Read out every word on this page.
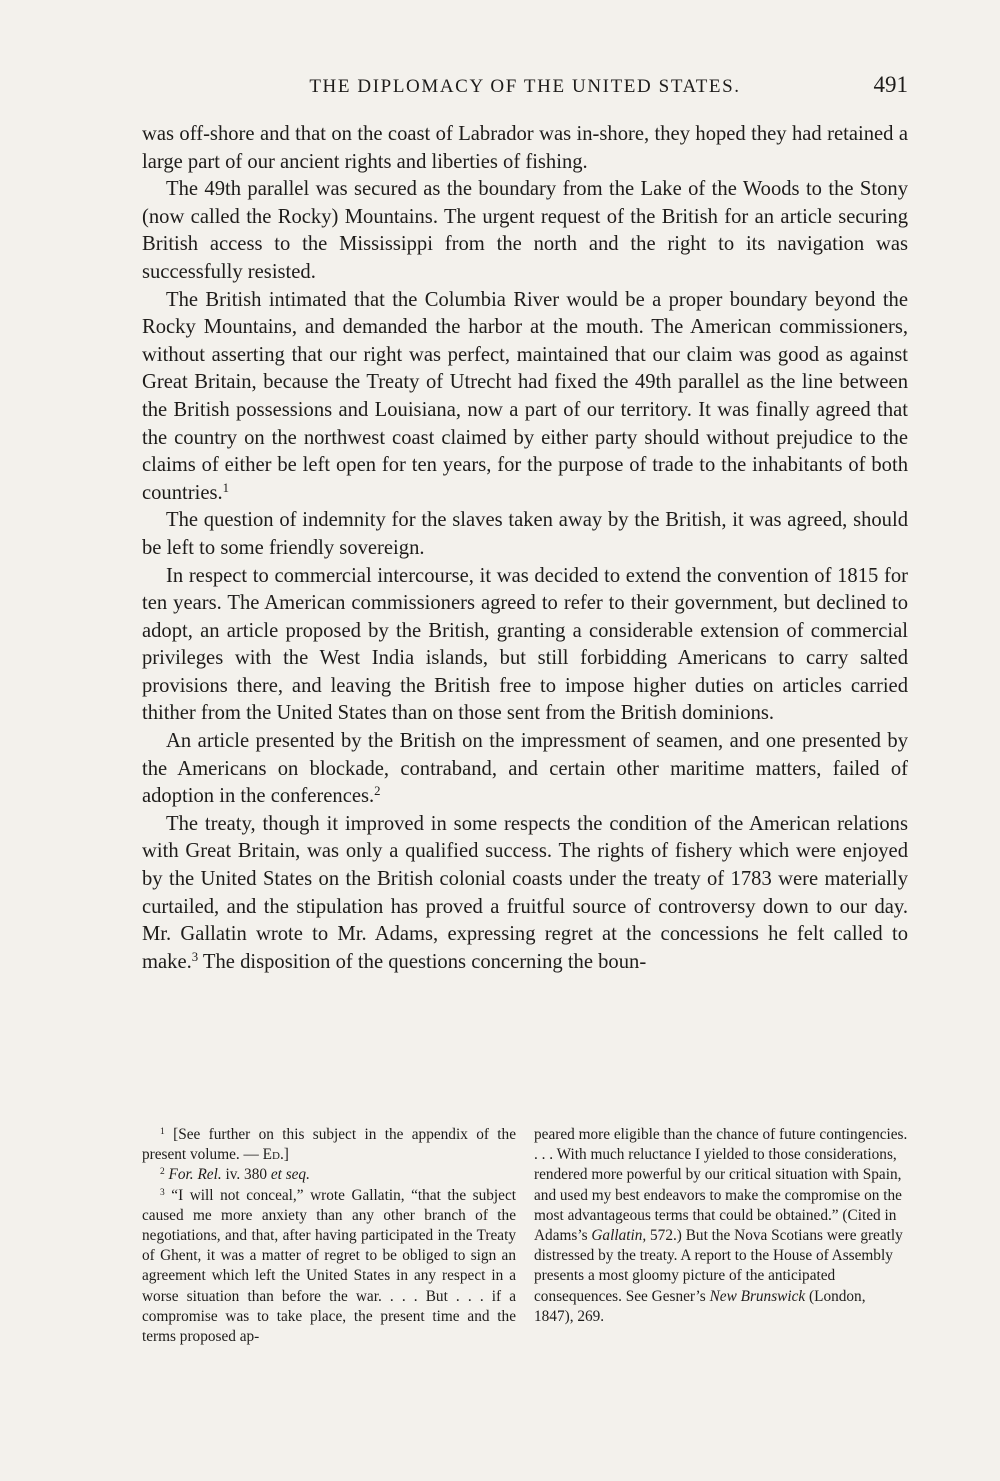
THE DIPLOMACY OF THE UNITED STATES.	491

was off-shore and that on the coast of Labrador was in-shore, they hoped they had retained a large part of our ancient rights and liberties of fishing.

The 49th parallel was secured as the boundary from the Lake of the Woods to the Stony (now called the Rocky) Mountains. The urgent request of the British for an article securing British access to the Mississippi from the north and the right to its navigation was successfully resisted.

The British intimated that the Columbia River would be a proper boundary beyond the Rocky Mountains, and demanded the harbor at the mouth. The American commissioners, without asserting that our right was perfect, maintained that our claim was good as against Great Britain, because the Treaty of Utrecht had fixed the 49th parallel as the line between the British possessions and Louisiana, now a part of our territory. It was finally agreed that the country on the northwest coast claimed by either party should without prejudice to the claims of either be left open for ten years, for the purpose of trade to the inhabitants of both countries.$^1$

The question of indemnity for the slaves taken away by the British, it was agreed, should be left to some friendly sovereign.

In respect to commercial intercourse, it was decided to extend the convention of 1815 for ten years. The American commissioners agreed to refer to their government, but declined to adopt, an article proposed by the British, granting a considerable extension of commercial privileges with the West India islands, but still forbidding Americans to carry salted provisions there, and leaving the British free to impose higher duties on articles carried thither from the United States than on those sent from the British dominions.

An article presented by the British on the impressment of seamen, and one presented by the Americans on blockade, contraband, and certain other maritime matters, failed of adoption in the conferences.$^2$

The treaty, though it improved in some respects the condition of the American relations with Great Britain, was only a qualified success. The rights of fishery which were enjoyed by the United States on the British colonial coasts under the treaty of 1783 were materially curtailed, and the stipulation has proved a fruitful source of controversy down to our day. Mr. Gallatin wrote to Mr. Adams, expressing regret at the concessions he felt called to make.$^3$ The disposition of the questions concerning the boun-

$^1$ [See further on this subject in the appendix of the present volume. — Ed.]

$^2$ For. Rel. iv. 380 et seq.

$^3$ “I will not conceal,” wrote Gallatin, “that the subject caused me more anxiety than any other branch of the negotiations, and that, after having participated in the Treaty of Ghent, it was a matter of regret to be obliged to sign an agreement which left the United States in any respect in a worse situation than before the war. . . . But . . . if a compromise was to take place, the present time and the terms proposed ap-

peared more eligible than the chance of future contingencies. . . . With much reluctance I yielded to those considerations, rendered more powerful by our critical situation with Spain, and used my best endeavors to make the compromise on the most advantageous terms that could be obtained.” (Cited in Adams’s Gallatin, 572.) But the Nova Scotians were greatly distressed by the treaty. A report to the House of Assembly presents a most gloomy picture of the anticipated consequences. See Gesner’s New Brunswick (London, 1847), 269.
